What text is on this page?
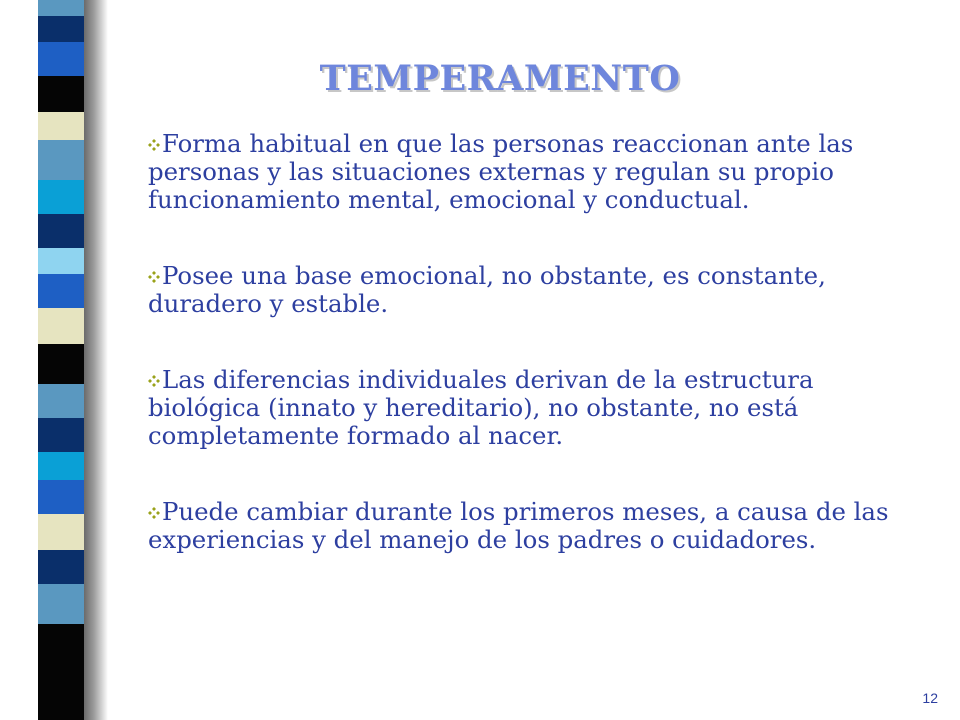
TEMPERAMENTO
Forma habitual en que las personas reaccionan ante las personas y las situaciones externas y regulan su propio funcionamiento mental, emocional y conductual.
Posee una base emocional, no obstante, es constante, duradero y estable.
Las diferencias individuales derivan de la estructura biológica (innato y hereditario), no obstante, no está completamente formado al nacer.
Puede cambiar durante los primeros meses, a causa de las experiencias y del manejo de los padres o cuidadores.
12
